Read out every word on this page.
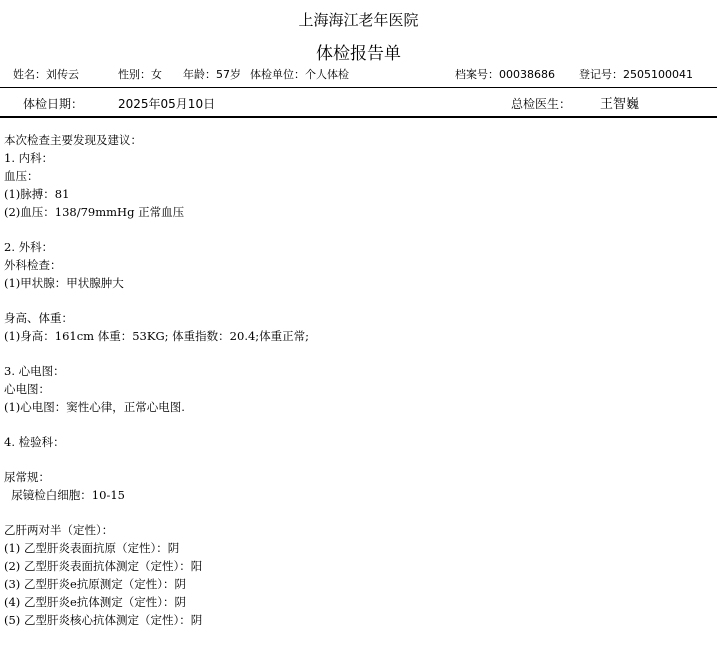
上海海江老年医院
体检报告单
姓名：刘传云	性别：女 年龄：57岁 体检单位：个人体检	档案号：00038686 登记号：2505100041
体检日期：	2025年05月10日	总检医生： 王智巍
本次检查主要发现及建议：
1. 内科：
血压：
(1)脉搏：81
(2)血压：138/79mmHg 正常血压
2. 外科：
外科检查：
(1)甲状腺：甲状腺肿大
身高、体重：
(1)身高：161cm 体重：53KG; 体重指数：20.4;体重正常;
3. 心电图：
心电图：
(1)心电图：窦性心律，正常心电图.
4. 检验科：
尿常规：
尿镜检白细胞：10-15
乙肝两对半（定性）：
(1) 乙型肝炎表面抗原（定性）：阴
(2) 乙型肝炎表面抗体测定（定性）：阳
(3) 乙型肝炎e抗原测定（定性）：阴
(4) 乙型肝炎e抗体测定（定性）：阴
(5) 乙型肝炎核心抗体测定（定性）：阴
